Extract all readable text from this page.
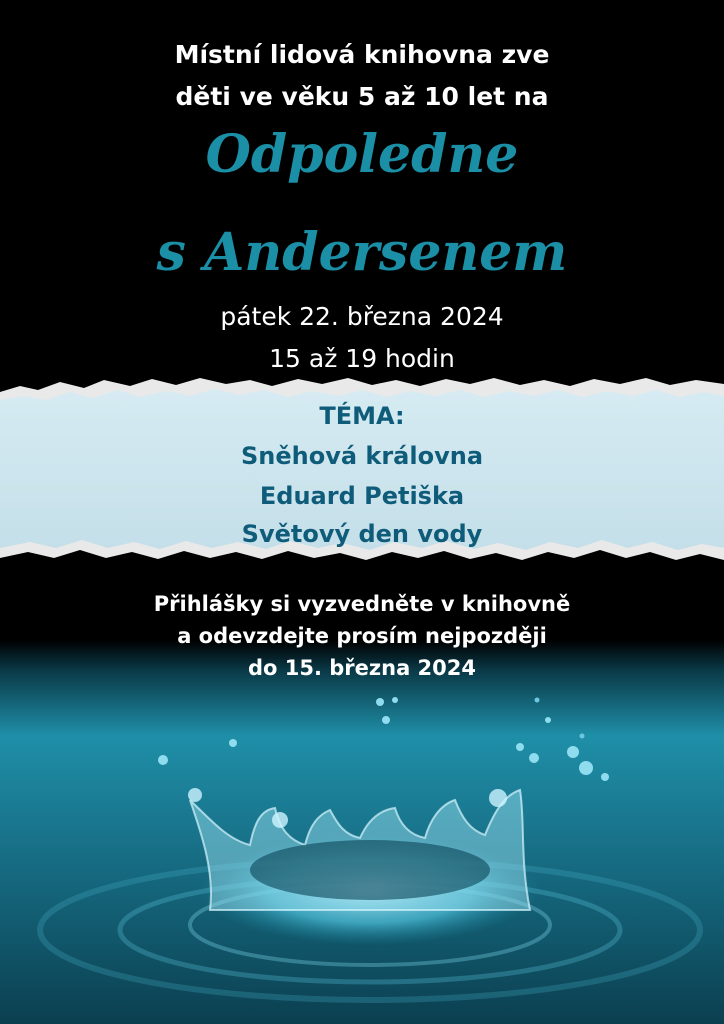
Místní lidová knihovna zve
děti ve věku 5 až 10 let na
Odpoledne
s Andersenem
pátek 22. března 2024
15 až 19 hodin
TÉMA:
Sněhová královna
Eduard Petiška
Světový den vody
Přihlášky si vyzvedněte v knihovně
a odevzdejte prosím nejpozději
do 15. března 2024
